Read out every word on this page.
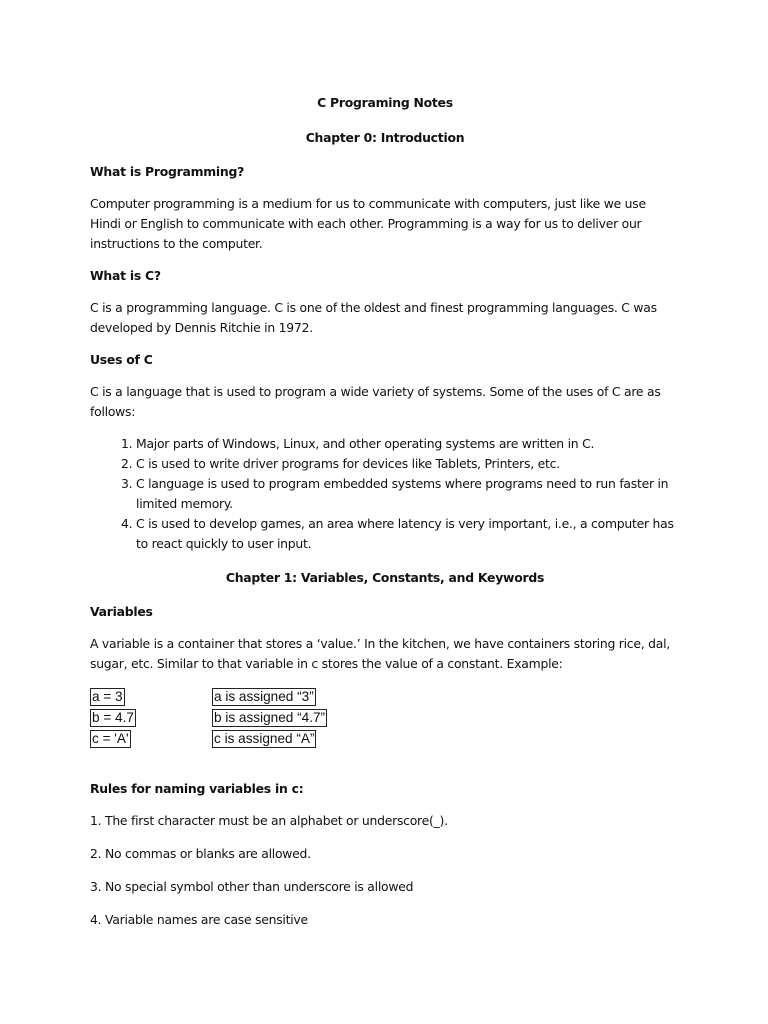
C Programing Notes
Chapter 0: Introduction
What is Programming?

Computer programming is a medium for us to communicate with computers, just like we use Hindi or English to communicate with each other. Programming is a way for us to deliver our instructions to the computer.

What is C?

C is a programming language. C is one of the oldest and finest programming languages. C was developed by Dennis Ritchie in 1972.

Uses of C

C is a language that is used to program a wide variety of systems. Some of the uses of C are as follows:

1. Major parts of Windows, Linux, and other operating systems are written in C.
2. C is used to write driver programs for devices like Tablets, Printers, etc.
3. C language is used to program embedded systems where programs need to run faster in limited memory.
4. C is used to develop games, an area where latency is very important, i.e., a computer has to react quickly to user input.
Chapter 1: Variables, Constants, and Keywords
Variables

A variable is a container that stores a ‘value.’ In the kitchen, we have containers storing rice, dal, sugar, etc. Similar to that variable in c stores the value of a constant. Example:

a = 3	a is assigned “3”
b = 4.7	b is assigned “4.7”
c = 'A'	c is assigned “A”
Rules for naming variables in c:

1. The first character must be an alphabet or underscore(_).

2. No commas or blanks are allowed.

3. No special symbol other than underscore is allowed

4. Variable names are case sensitive
